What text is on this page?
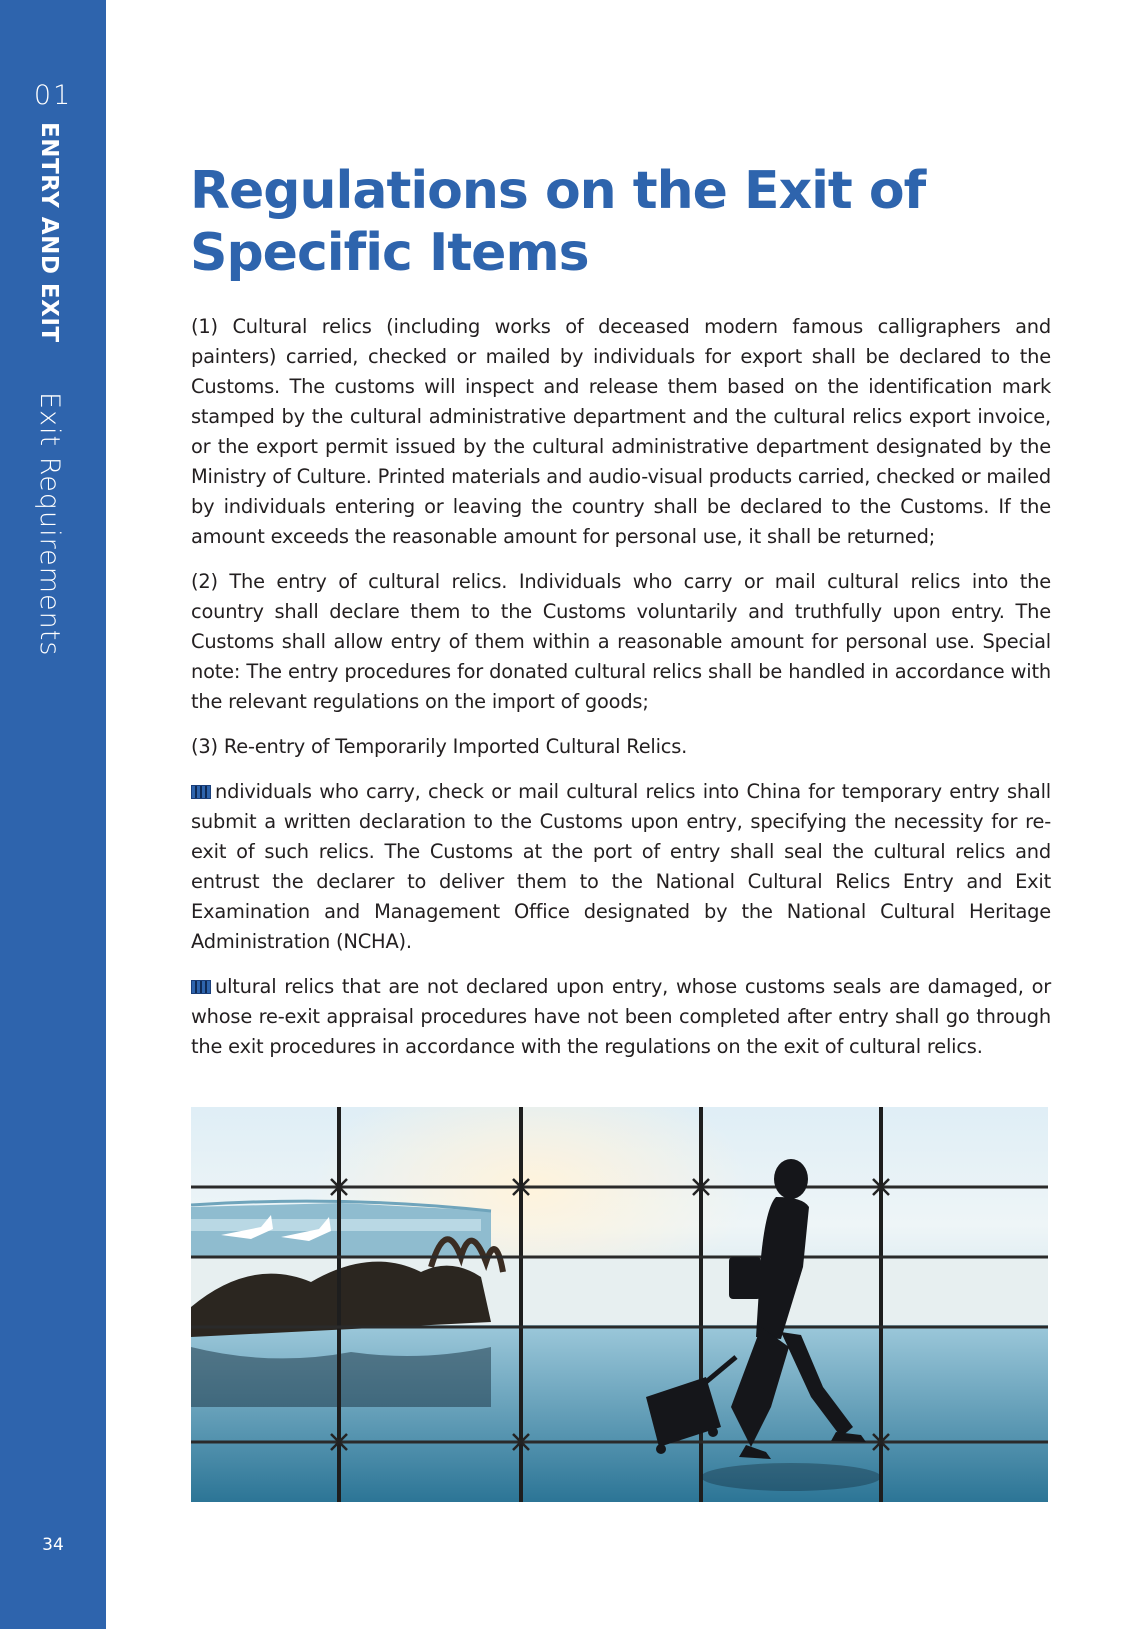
01
ENTRY AND EXIT
Exit Requirements
34
Regulations on the Exit of Specific Items

(1) Cultural relics (including works of deceased modern famous calligraphers and painters) carried, checked or mailed by individuals for export shall be declared to the Customs. The customs will inspect and release them based on the identification mark stamped by the cultural administrative department and the cultural relics export invoice, or the export permit issued by the cultural administrative department designated by the Ministry of Culture. Printed materials and audio-visual products carried, checked or mailed by individuals entering or leaving the country shall be declared to the Customs. If the amount exceeds the reasonable amount for personal use, it shall be returned;

(2) The entry of cultural relics. Individuals who carry or mail cultural relics into the country shall declare them to the Customs voluntarily and truthfully upon entry. The Customs shall allow entry of them within a reasonable amount for personal use. Special note: The entry procedures for donated cultural relics shall be handled in accordance with the relevant regulations on the import of goods;

(3) Re-entry of Temporarily Imported Cultural Relics.

ndividuals who carry, check or mail cultural relics into China for temporary entry shall submit a written declaration to the Customs upon entry, specifying the necessity for re-exit of such relics. The Customs at the port of entry shall seal the cultural relics and entrust the declarer to deliver them to the National Cultural Relics Entry and Exit Examination and Management Office designated by the National Cultural Heritage Administration (NCHA).

ultural relics that are not declared upon entry, whose customs seals are damaged, or whose re-exit appraisal procedures have not been completed after entry shall go through the exit procedures in accordance with the regulations on the exit of cultural relics.
